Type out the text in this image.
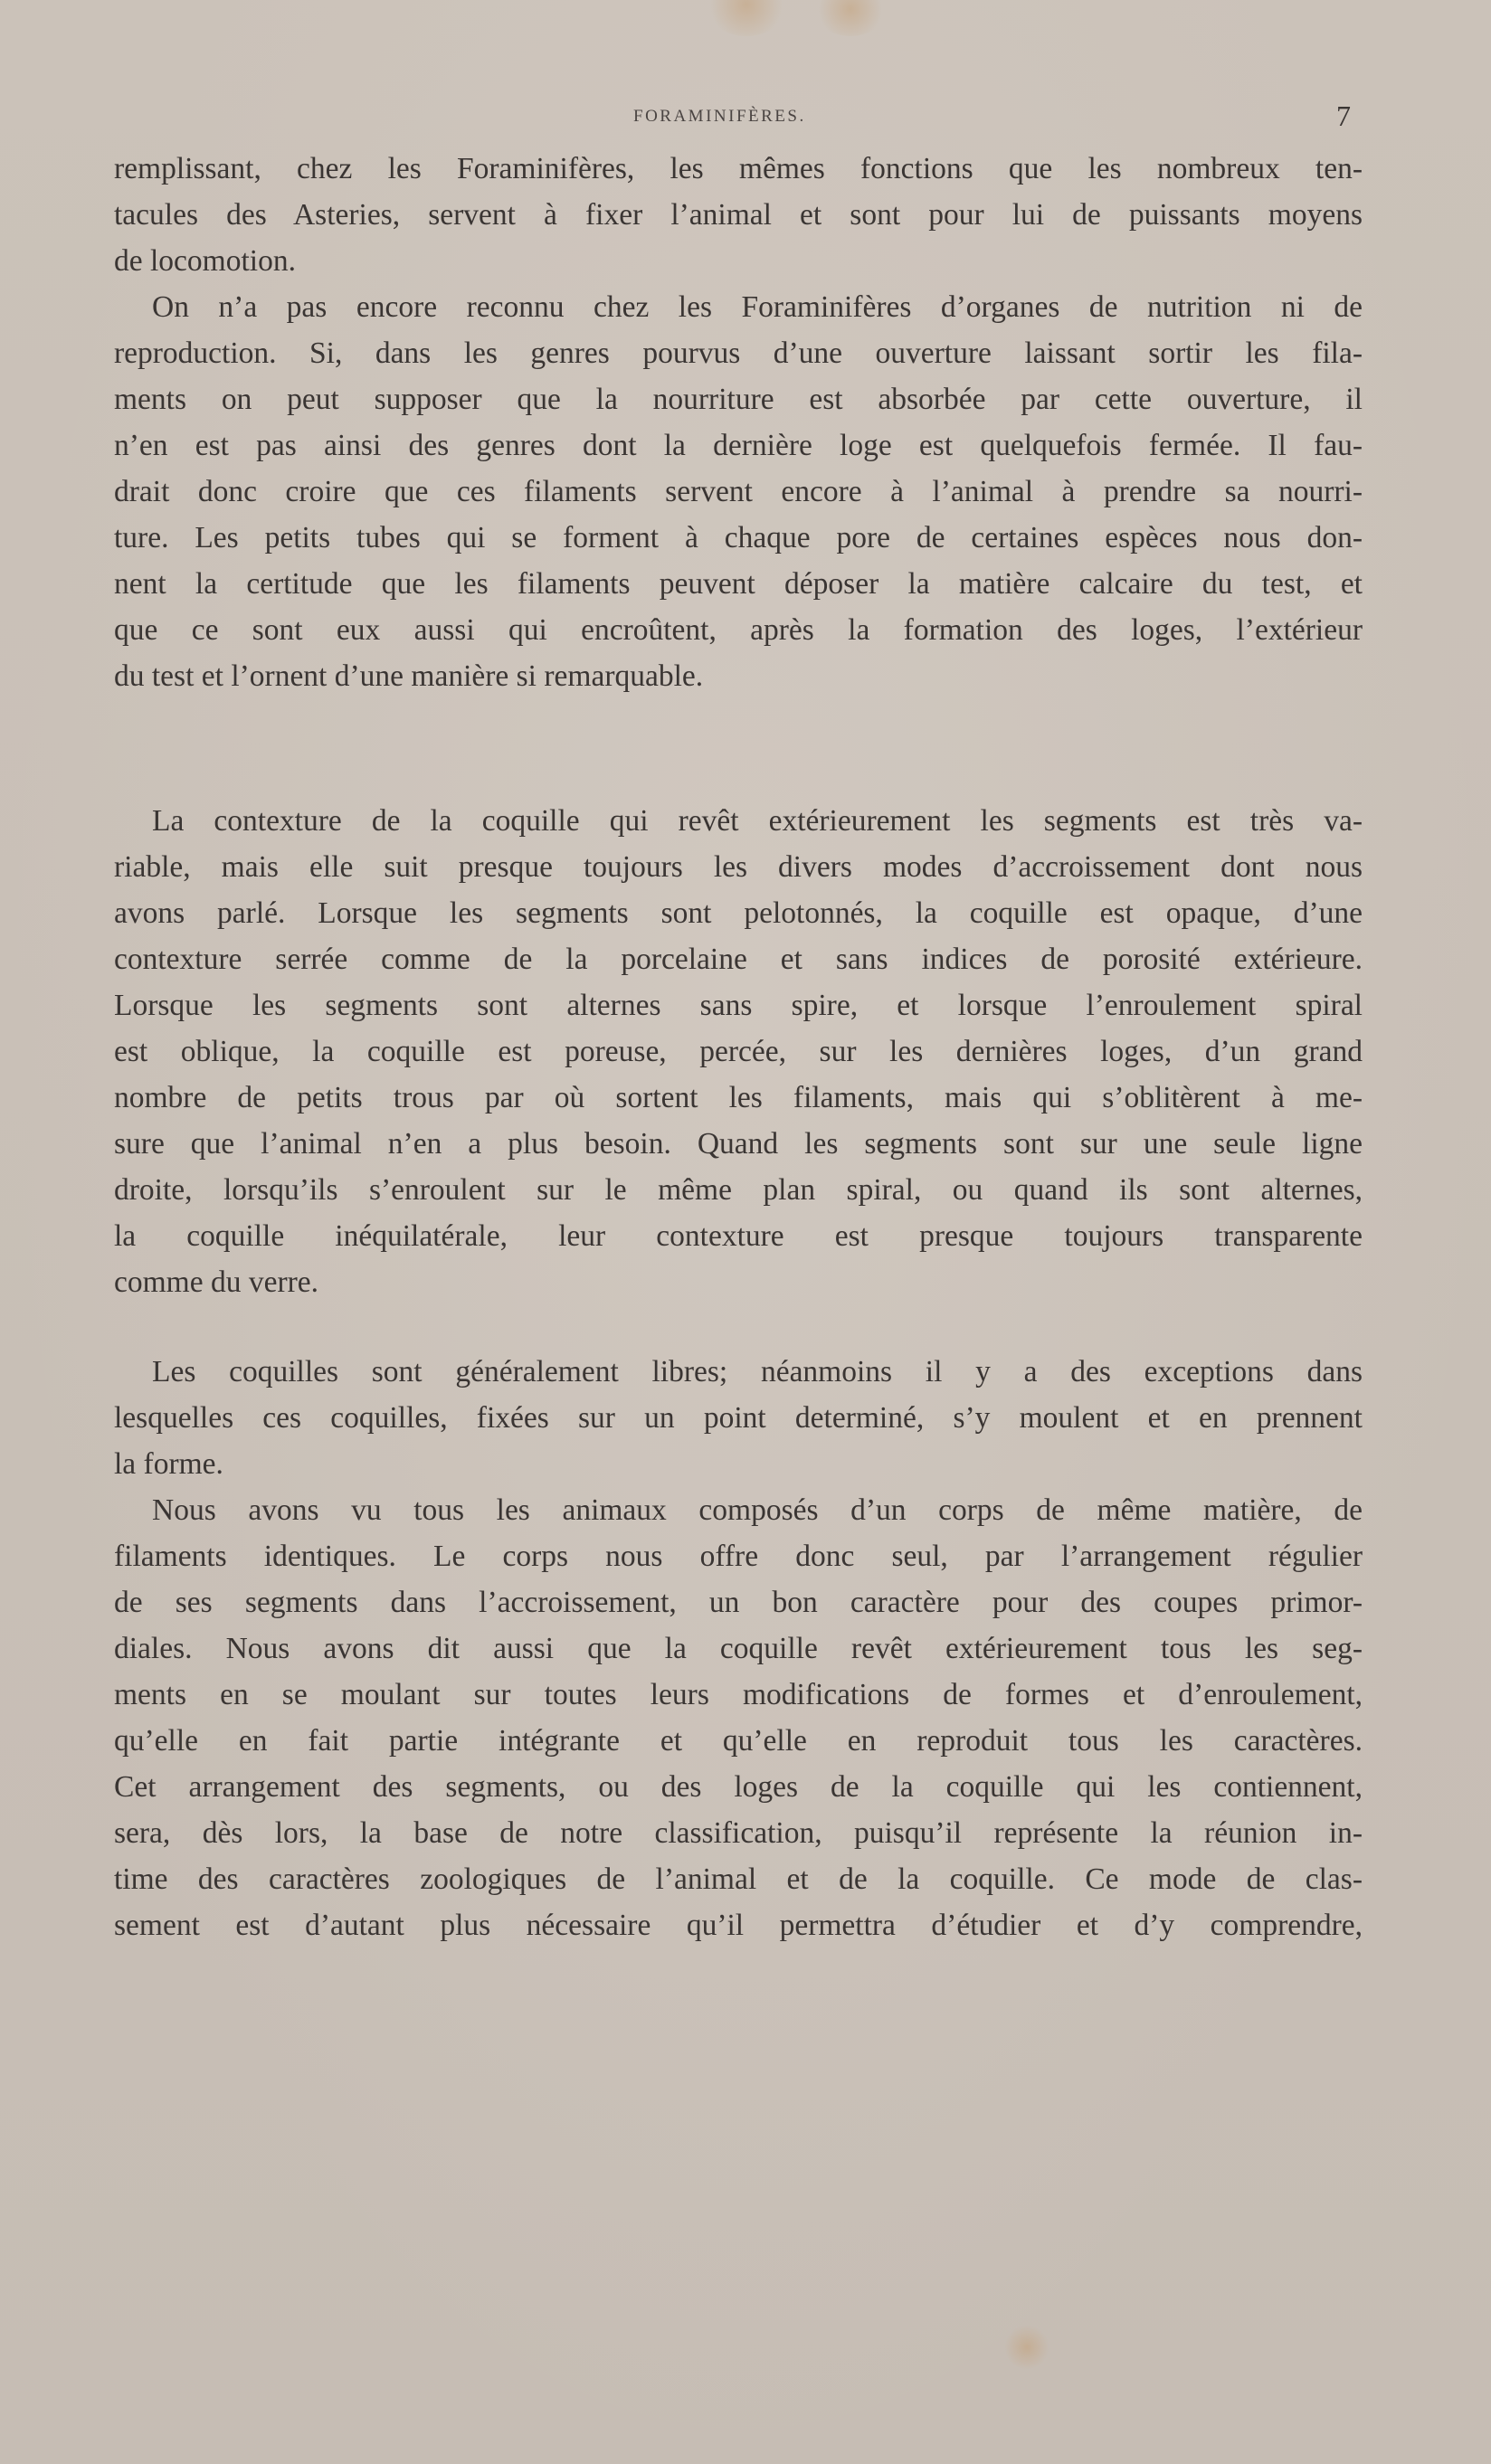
FORAMINIFÈRES.	7
remplissant, chez les Foraminifères, les mêmes fonctions que les nombreux ten-
tacules des Asteries, servent à fixer l’animal et sont pour lui de puissants moyens
de locomotion.
On n’a pas encore reconnu chez les Foraminifères d’organes de nutrition ni de
reproduction. Si, dans les genres pourvus d’une ouverture laissant sortir les fila-
ments on peut supposer que la nourriture est absorbée par cette ouverture, il
n’en est pas ainsi des genres dont la dernière loge est quelquefois fermée. Il fau-
drait donc croire que ces filaments servent encore à l’animal à prendre sa nourri-
ture. Les petits tubes qui se forment à chaque pore de certaines espèces nous don-
nent la certitude que les filaments peuvent déposer la matière calcaire du test, et
que ce sont eux aussi qui encroûtent, après la formation des loges, l’extérieur
du test et l’ornent d’une manière si remarquable.
La contexture de la coquille qui revêt extérieurement les segments est très va-
riable, mais elle suit presque toujours les divers modes d’accroissement dont nous
avons parlé. Lorsque les segments sont pelotonnés, la coquille est opaque, d’une
contexture serrée comme de la porcelaine et sans indices de porosité extérieure.
Lorsque les segments sont alternes sans spire, et lorsque l’enroulement spiral
est oblique, la coquille est poreuse, percée, sur les dernières loges, d’un grand
nombre de petits trous par où sortent les filaments, mais qui s’oblitèrent à me-
sure que l’animal n’en a plus besoin. Quand les segments sont sur une seule ligne
droite, lorsqu’ils s’enroulent sur le même plan spiral, ou quand ils sont alternes,
la coquille inéquilatérale, leur contexture est presque toujours transparente
comme du verre.
Les coquilles sont généralement libres; néanmoins il y a des exceptions dans
lesquelles ces coquilles, fixées sur un point determiné, s’y moulent et en prennent
la forme.
Nous avons vu tous les animaux composés d’un corps de même matière, de
filaments identiques. Le corps nous offre donc seul, par l’arrangement régulier
de ses segments dans l’accroissement, un bon caractère pour des coupes primor-
diales. Nous avons dit aussi que la coquille revêt extérieurement tous les seg-
ments en se moulant sur toutes leurs modifications de formes et d’enroulement,
qu’elle en fait partie intégrante et qu’elle en reproduit tous les caractères.
Cet arrangement des segments, ou des loges de la coquille qui les contiennent,
sera, dès lors, la base de notre classification, puisqu’il représente la réunion in-
time des caractères zoologiques de l’animal et de la coquille. Ce mode de clas-
sement est d’autant plus nécessaire qu’il permettra d’étudier et d’y comprendre,
